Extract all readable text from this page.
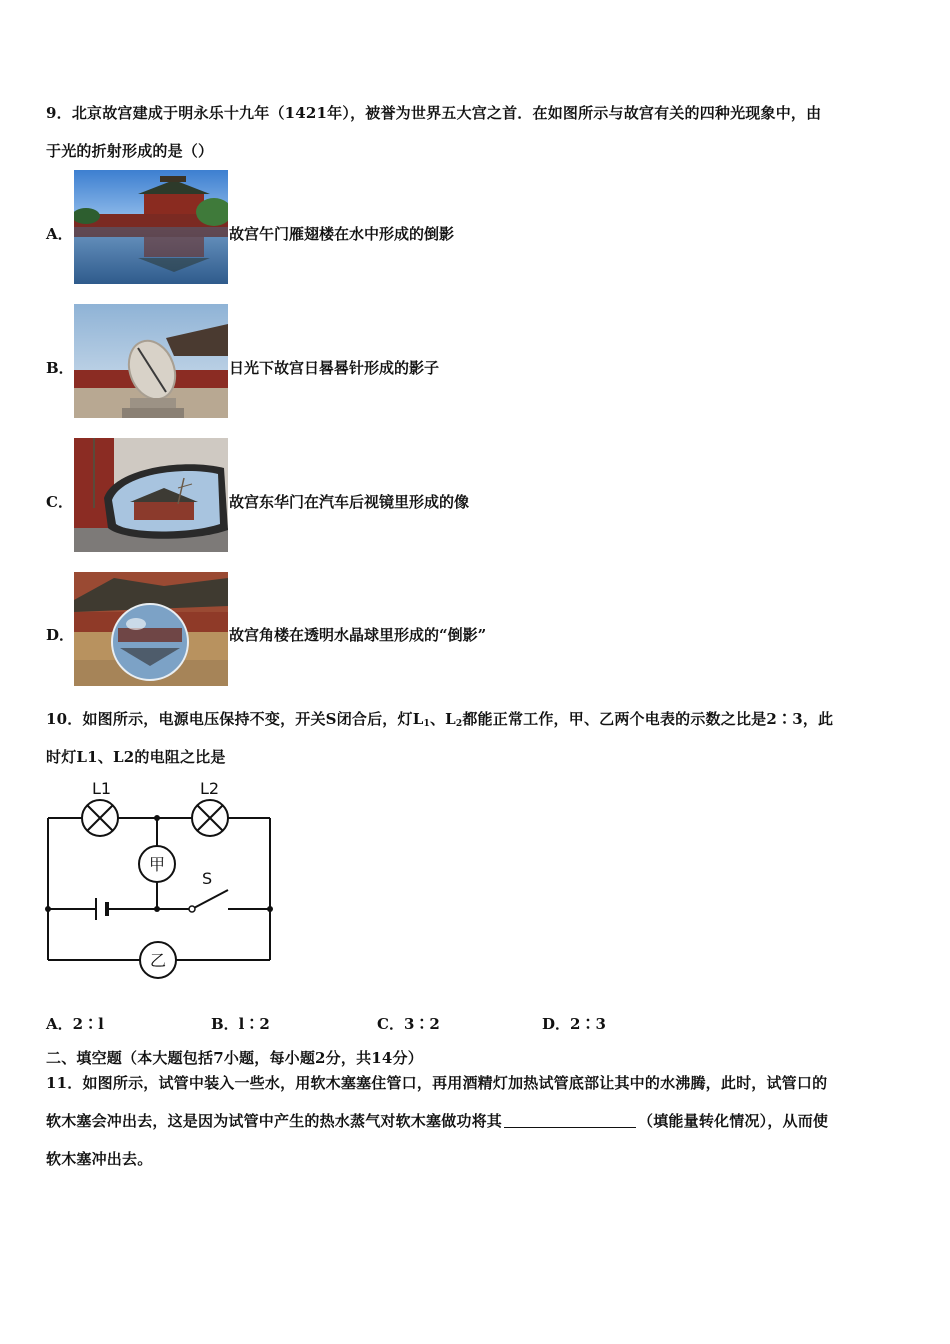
9．北京故宫建成于明永乐十九年（1421年），被誉为世界五大宫之首．在如图所示与故宫有关的四种光现象中，由
于光的折射形成的是（）
A．	故宫午门雁翅楼在水中形成的倒影
B．	日光下故宫日晷晷针形成的影子
C．	故宫东华门在汽车后视镜里形成的像
D．	故宫角楼在透明水晶球里形成的“倒影”
10．如图所示，电源电压保持不变，开关S闭合后，灯$L_1$、$L_2$都能正常工作，甲、乙两个电表的示数之比是2∶3，此
时灯L1、L2的电阻之比是
L1	L2
甲
乙
S
A．2∶l	B．l∶2	C．3∶2	D．2∶3
二、填空题（本大题包括7小题，每小题2分，共14分）
11．如图所示，试管中装入一些水，用软木塞塞住管口，再用酒精灯加热试管底部让其中的水沸腾，此时，试管口的
软木塞会冲出去，这是因为试管中产生的热水蒸气对软木塞做功将其	（填能量转化情况），从而使
软木塞冲出去。
